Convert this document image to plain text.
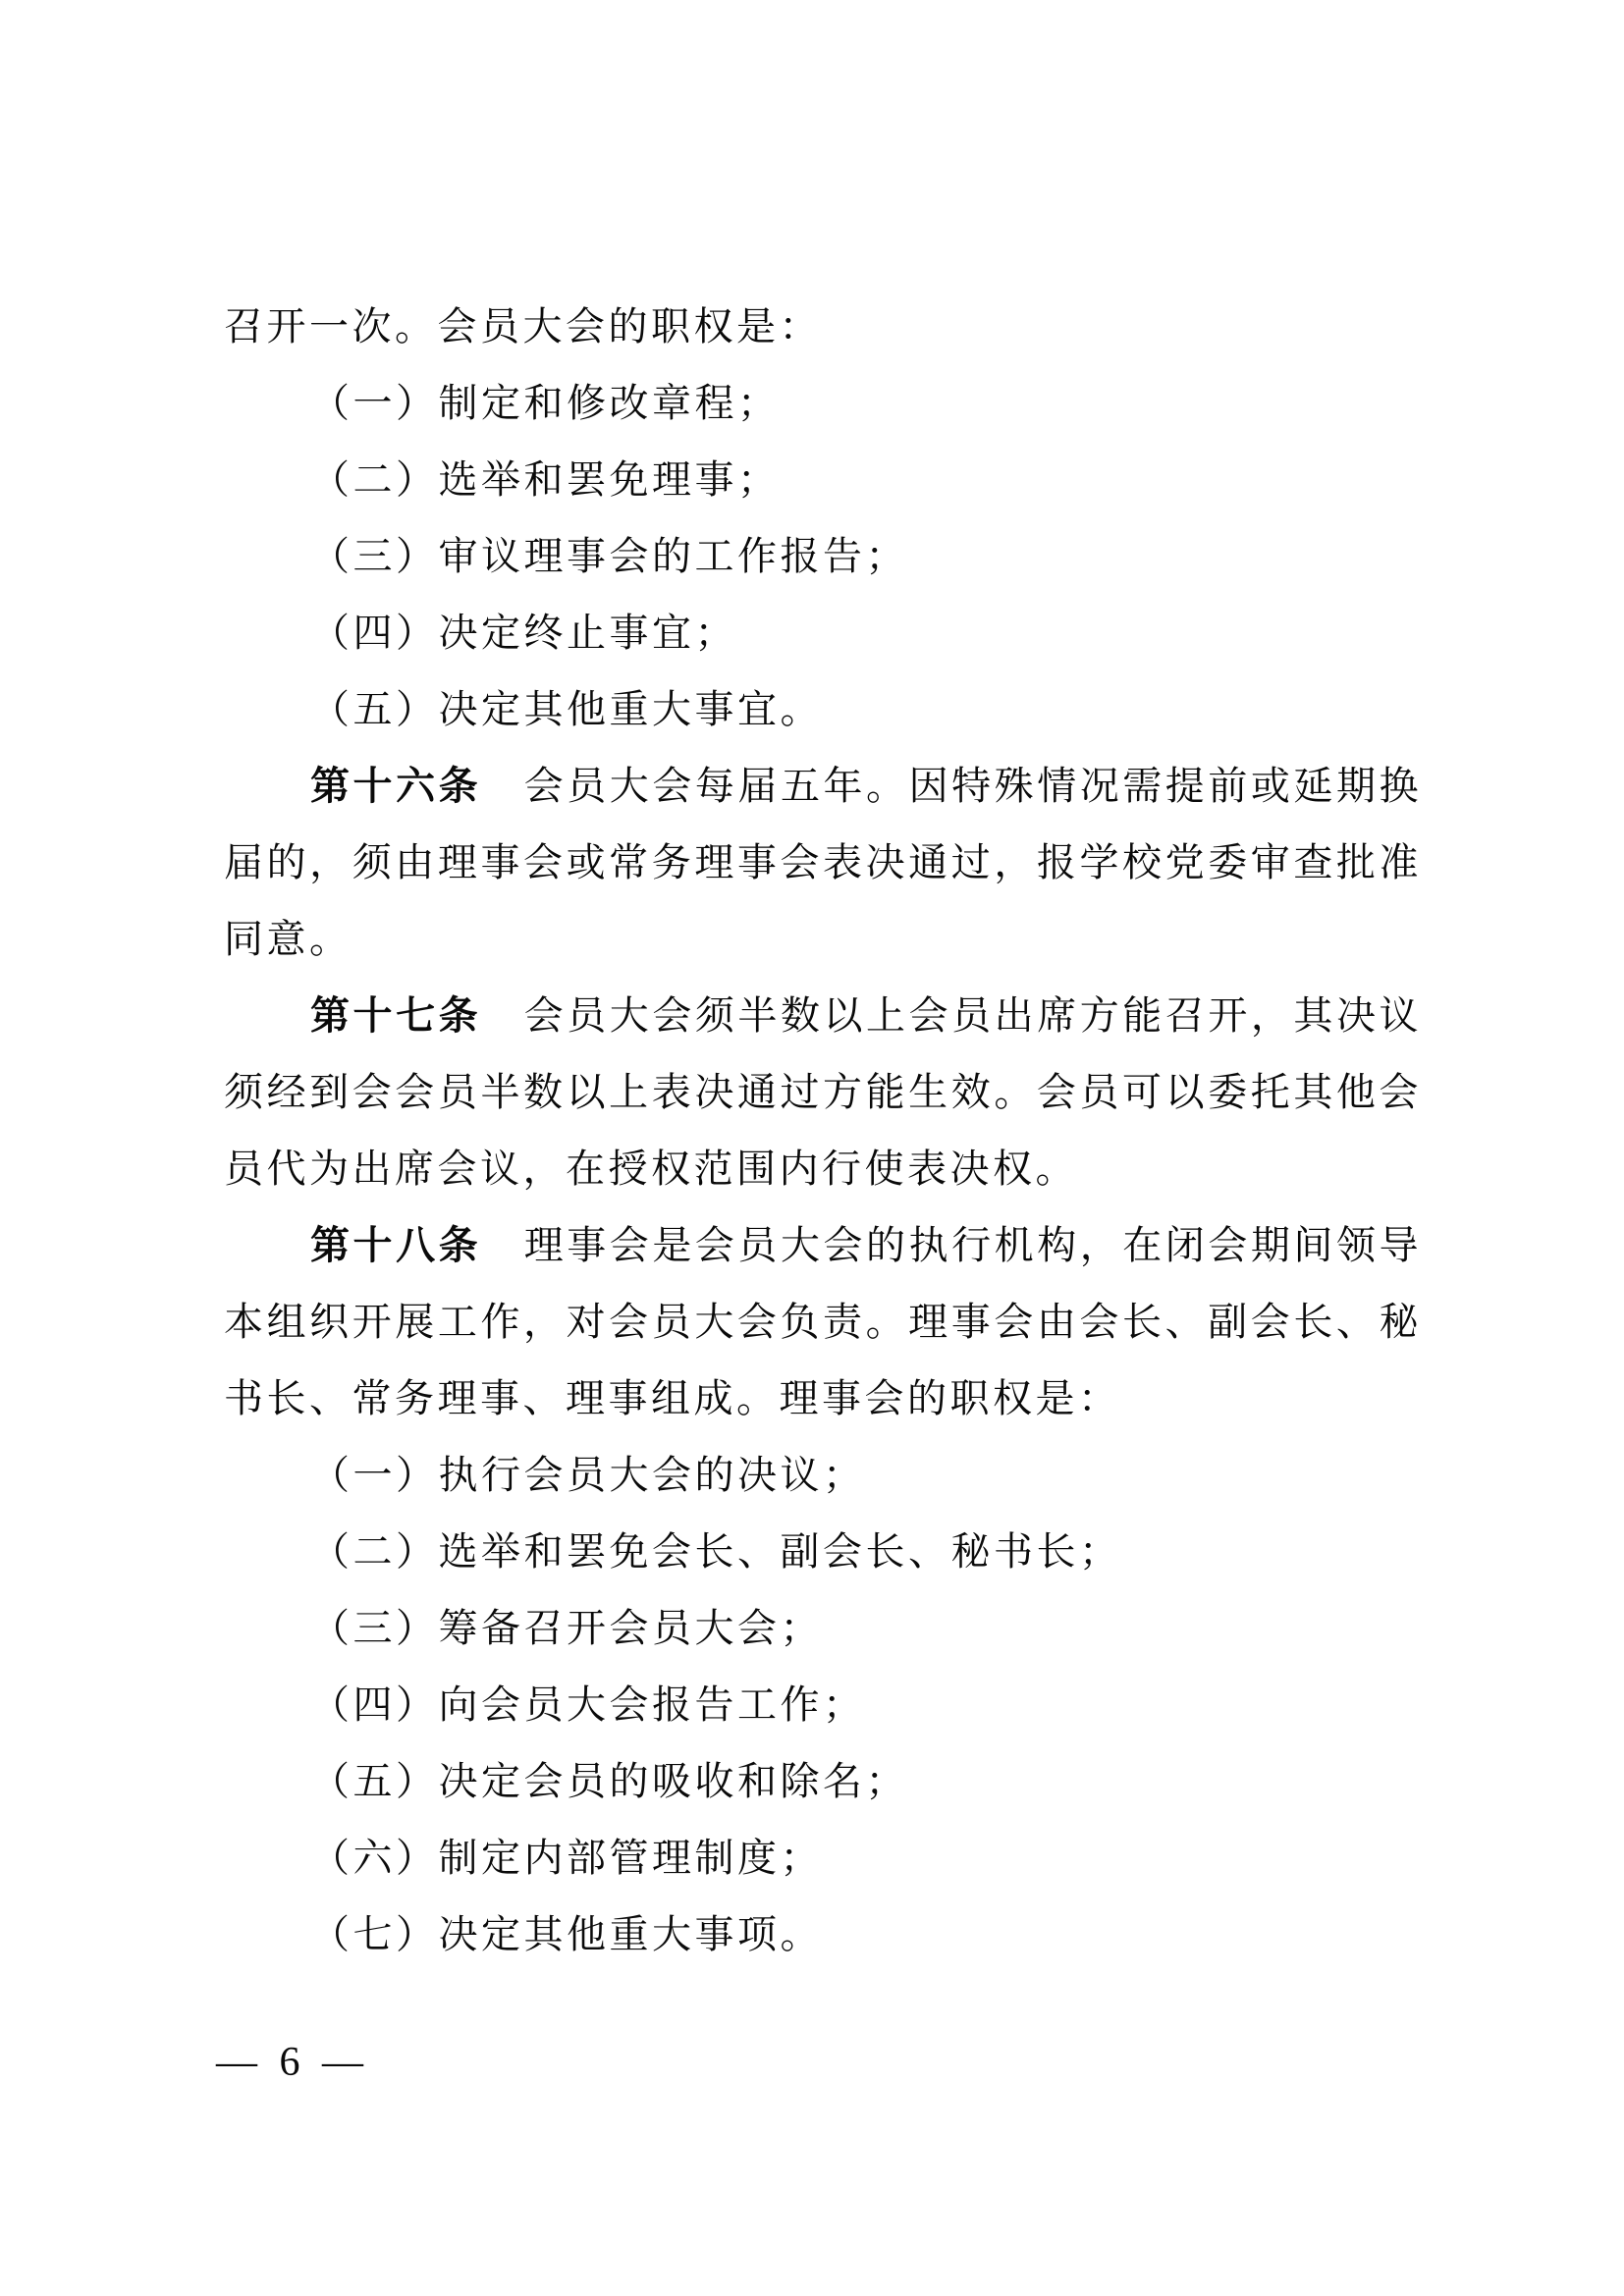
召开一次。会员大会的职权是：
（一）制定和修改章程；
（二）选举和罢免理事；
（三）审议理事会的工作报告；
（四）决定终止事宜；
（五）决定其他重大事宜。
第十六条　会员大会每届五年。因特殊情况需提前或延期换
届的，须由理事会或常务理事会表决通过，报学校党委审查批准
同意。
第十七条　会员大会须半数以上会员出席方能召开，其决议
须经到会会员半数以上表决通过方能生效。会员可以委托其他会
员代为出席会议，在授权范围内行使表决权。
第十八条　理事会是会员大会的执行机构，在闭会期间领导
本组织开展工作，对会员大会负责。理事会由会长、副会长、秘
书长、常务理事、理事组成。理事会的职权是：
（一）执行会员大会的决议；
（二）选举和罢免会长、副会长、秘书长；
（三）筹备召开会员大会；
（四）向会员大会报告工作；
（五）决定会员的吸收和除名；
（六）制定内部管理制度；
（七）决定其他重大事项。
— 6 —
